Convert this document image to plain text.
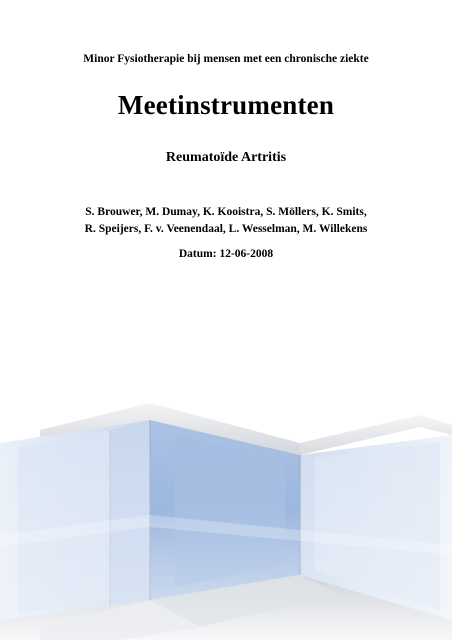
Minor Fysiotherapie bij mensen met een chronische ziekte
Meetinstrumenten
Reumatoïde Artritis
S. Brouwer, M. Dumay, K. Kooistra, S. Möllers, K. Smits,
R. Speijers, F. v. Veenendaal, L. Wesselman, M. Willekens
Datum: 12-06-2008
